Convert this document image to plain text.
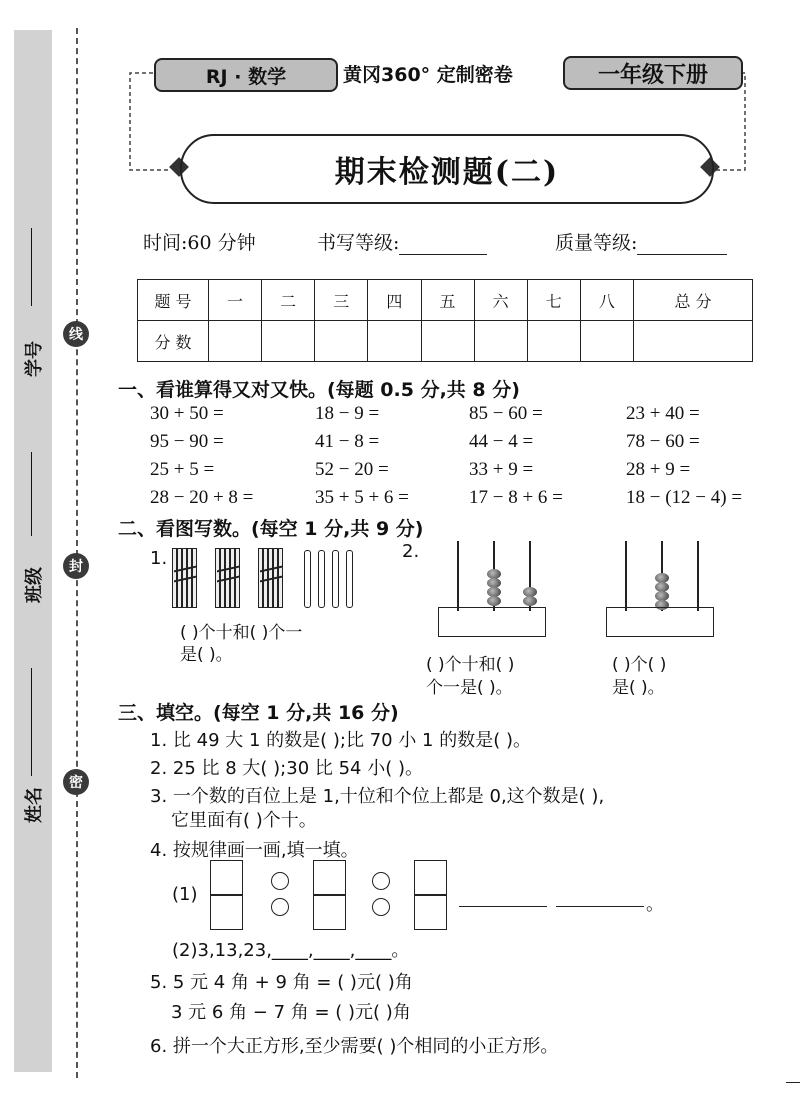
学号
班级
姓名
线
封
密
RJ · 数学	黄冈360° 定制密卷	一年级下册
期末检测题(二)
时间:60 分钟	书写等级:	质量等级:
题 号	一	二	三	四	五	六	七	八	总 分
分 数									
一、看谁算得又对又快。(每题 0.5 分,共 8 分)
30 + 50 =	18 − 9 =	85 − 60 =	23 + 40 =
95 − 90 =	41 − 8 =	44 − 4 =	78 − 60 =
25 + 5 =	52 − 20 =	33 + 9 =	28 + 9 =
28 − 20 + 8 =	35 + 5 + 6 =	17 − 8 + 6 =	18 − (12 − 4) =
二、看图写数。(每空 1 分,共 9 分)
1.
( )个十和( )个一
是( )。
2.
( )个十和( )
个一是( )。
( )个( )
是( )。
三、填空。(每空 1 分,共 16 分)
1. 比 49 大 1 的数是( );比 70 小 1 的数是( )。
2. 25 比 8 大( );30 比 54 小( )。
3. 一个数的百位上是 1,十位和个位上都是 0,这个数是( ),
它里面有( )个十。
4. 按规律画一画,填一填。
(1)	。
(2)3,13,23,____,____,____。
5. 5 元 4 角 + 9 角 = ( )元( )角
3 元 6 角 − 7 角 = ( )元( )角
6. 拼一个大正方形,至少需要( )个相同的小正方形。
